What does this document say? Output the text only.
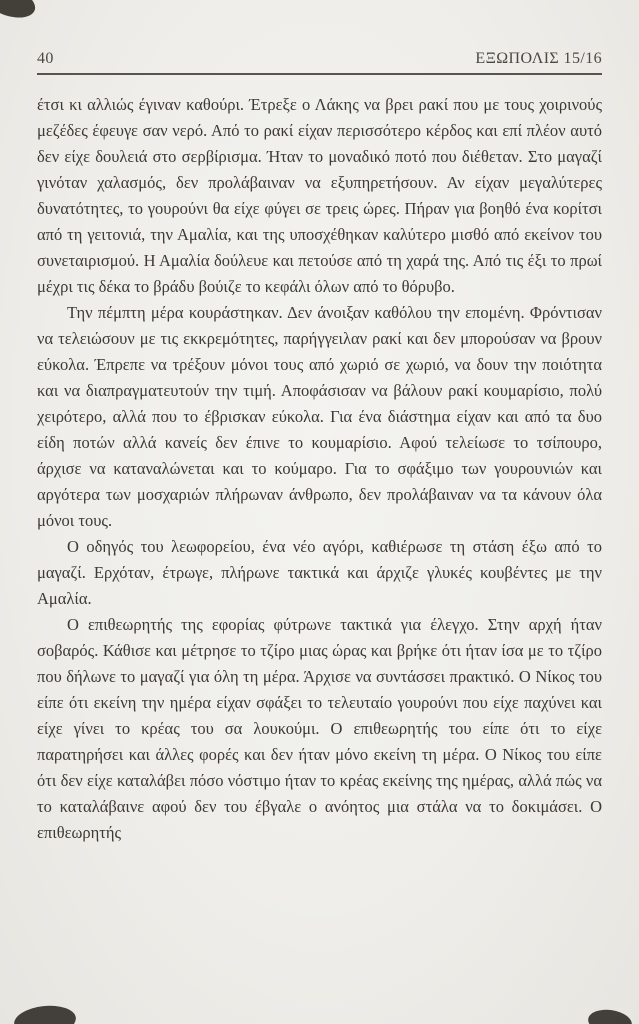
40	ΕΞΩΠΟΛΙΣ 15/16

έτσι κι αλλιώς έγιναν καθούρι. Έτρεξε ο Λάκης να βρει ρακί που με τους χοιρινούς μεζέδες έφευγε σαν νερό. Από το ρακί είχαν περισσότερο κέρδος και επί πλέον αυτό δεν είχε δουλειά στο σερβίρισμα. Ήταν το μοναδικό ποτό που διέθεταν. Στο μαγαζί γινόταν χαλασμός, δεν προλάβαιναν να εξυπηρετήσουν. Αν είχαν μεγαλύτερες δυνατότητες, το γουρούνι θα είχε φύγει σε τρεις ώρες. Πήραν για βοηθό ένα κορίτσι από τη γειτονιά, την Αμαλία, και της υποσχέθηκαν καλύτερο μισθό από εκείνον του συνεταιρισμού. Η Αμαλία δούλευε και πετούσε από τη χαρά της. Από τις έξι το πρωί μέχρι τις δέκα το βράδυ βούιζε το κεφάλι όλων από το θόρυβο.

Την πέμπτη μέρα κουράστηκαν. Δεν άνοιξαν καθόλου την επομένη. Φρόντισαν να τελειώσουν με τις εκκρεμότητες, παρήγγειλαν ρακί και δεν μπορούσαν να βρουν εύκολα. Έπρεπε να τρέξουν μόνοι τους από χωριό σε χωριό, να δουν την ποιότητα και να διαπραγματευτούν την τιμή. Αποφάσισαν να βάλουν ρακί κουμαρίσιο, πολύ χειρότερο, αλλά που το έβρισκαν εύκολα. Για ένα διάστημα είχαν και από τα δυο είδη ποτών αλλά κανείς δεν έπινε το κουμαρίσιο. Αφού τελείωσε το τσίπουρο, άρχισε να καταναλώνεται και το κούμαρο. Για το σφάξιμο των γουρουνιών και αργότερα των μοσχαριών πλήρωναν άνθρωπο, δεν προλάβαιναν να τα κάνουν όλα μόνοι τους.

Ο οδηγός του λεωφορείου, ένα νέο αγόρι, καθιέρωσε τη στάση έξω από το μαγαζί. Ερχόταν, έτρωγε, πλήρωνε τακτικά και άρχιζε γλυκές κουβέντες με την Αμαλία.

Ο επιθεωρητής της εφορίας φύτρωνε τακτικά για έλεγχο. Στην αρχή ήταν σοβαρός. Κάθισε και μέτρησε το τζίρο μιας ώρας και βρήκε ότι ήταν ίσα με το τζίρο που δήλωνε το μαγαζί για όλη τη μέρα. Άρχισε να συντάσσει πρακτικό. Ο Νίκος του είπε ότι εκείνη την ημέρα είχαν σφάξει το τελευταίο γουρούνι που είχε παχύνει και είχε γίνει το κρέας του σα λουκούμι. Ο επιθεωρητής του είπε ότι το είχε παρατηρήσει και άλλες φορές και δεν ήταν μόνο εκείνη τη μέρα. Ο Νίκος του είπε ότι δεν είχε καταλάβει πόσο νόστιμο ήταν το κρέας εκείνης της ημέρας, αλλά πώς να το καταλάβαινε αφού δεν του έβγαλε ο ανόητος μια στάλα να το δοκιμάσει. Ο επιθεωρητής
